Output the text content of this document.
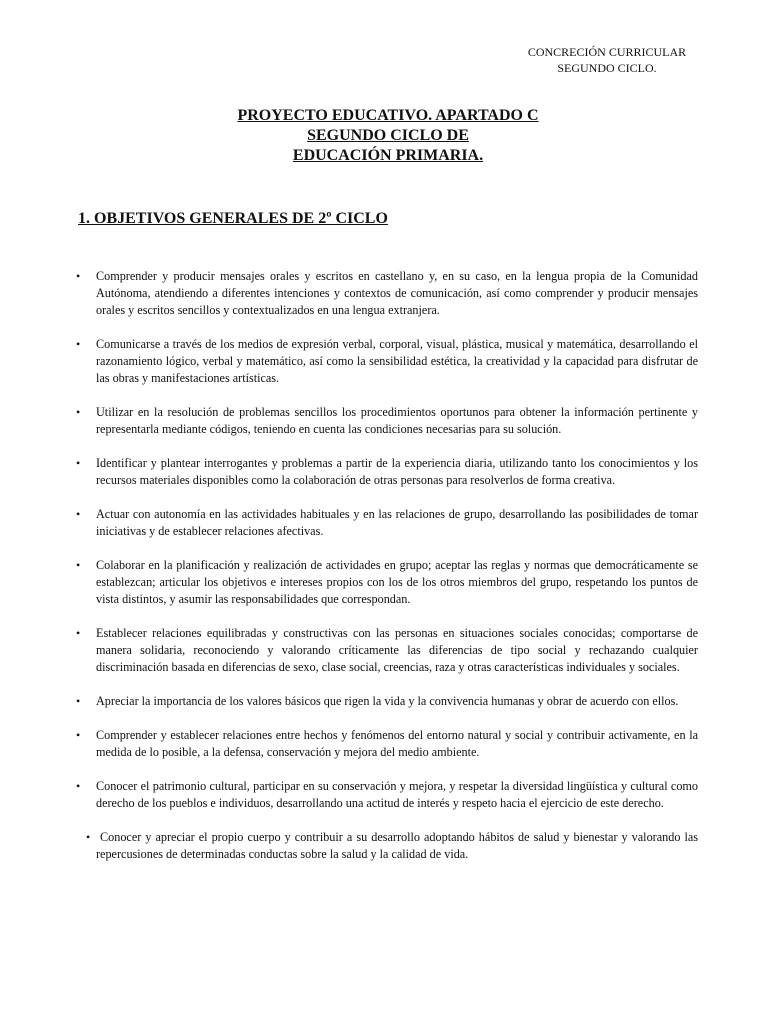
CONCRECIÓN CURRICULAR
SEGUNDO CICLO.
PROYECTO EDUCATIVO. APARTADO C
SEGUNDO CICLO DE
EDUCACIÓN PRIMARIA.
1. OBJETIVOS GENERALES DE 2º CICLO
• Comprender y producir mensajes orales y escritos en castellano y, en su caso, en la lengua propia de la Comunidad Autónoma, atendiendo a diferentes intenciones y contextos de comunicación, así como comprender y producir mensajes orales y escritos sencillos y contextualizados en una lengua extranjera.
• Comunicarse a través de los medios de expresión verbal, corporal, visual, plástica, musical y matemática, desarrollando el razonamiento lógico, verbal y matemático, así como la sensibilidad estética, la creatividad y la capacidad para disfrutar de las obras y manifestaciones artísticas.
• Utilizar en la resolución de problemas sencillos los procedimientos oportunos para obtener la información pertinente y representarla mediante códigos, teniendo en cuenta las condiciones necesarias para su solución.
• Identificar y plantear interrogantes y problemas a partir de la experiencia diaria, utilizando tanto los conocimientos y los recursos materiales disponibles como la colaboración de otras personas para resolverlos de forma creativa.
• Actuar con autonomía en las actividades habituales y en las relaciones de grupo, desarrollando las posibilidades de tomar iniciativas y de establecer relaciones afectivas.
• Colaborar en la planificación y realización de actividades en grupo; aceptar las reglas y normas que democráticamente se establezcan; articular los objetivos e intereses propios con los de los otros miembros del grupo, respetando los puntos de vista distintos, y asumir las responsabilidades que correspondan.
• Establecer relaciones equilibradas y constructivas con las personas en situaciones sociales conocidas; comportarse de manera solidaria, reconociendo y valorando críticamente las diferencias de tipo social y rechazando cualquier discriminación basada en diferencias de sexo, clase social, creencias, raza y otras características individuales y sociales.
• Apreciar la importancia de los valores básicos que rigen la vida y la convivencia humanas y obrar de acuerdo con ellos.
• Comprender y establecer relaciones entre hechos y fenómenos del entorno natural y social y contribuir activamente, en la medida de lo posible, a la defensa, conservación y mejora del medio ambiente.
• Conocer el patrimonio cultural, participar en su conservación y mejora, y respetar la diversidad lingüística y cultural como derecho de los pueblos e individuos, desarrollando una actitud de interés y respeto hacia el ejercicio de este derecho.
• Conocer y apreciar el propio cuerpo y contribuir a su desarrollo adoptando hábitos de salud y bienestar y valorando las repercusiones de determinadas conductas sobre la salud y la calidad de vida.
